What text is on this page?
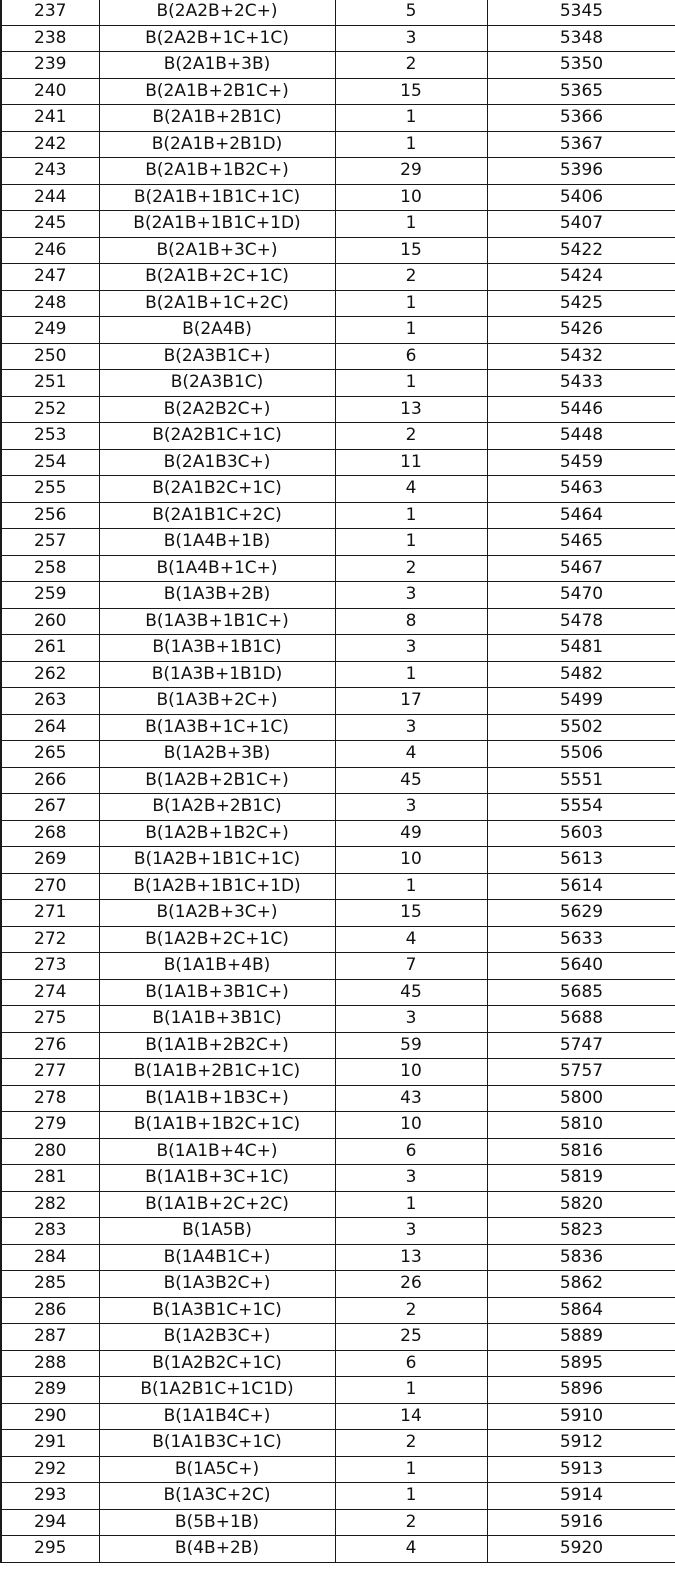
237	B(2A2B+2C+)	5	5345
238	B(2A2B+1C+1C)	3	5348
239	B(2A1B+3B)	2	5350
240	B(2A1B+2B1C+)	15	5365
241	B(2A1B+2B1C)	1	5366
242	B(2A1B+2B1D)	1	5367
243	B(2A1B+1B2C+)	29	5396
244	B(2A1B+1B1C+1C)	10	5406
245	B(2A1B+1B1C+1D)	1	5407
246	B(2A1B+3C+)	15	5422
247	B(2A1B+2C+1C)	2	5424
248	B(2A1B+1C+2C)	1	5425
249	B(2A4B)	1	5426
250	B(2A3B1C+)	6	5432
251	B(2A3B1C)	1	5433
252	B(2A2B2C+)	13	5446
253	B(2A2B1C+1C)	2	5448
254	B(2A1B3C+)	11	5459
255	B(2A1B2C+1C)	4	5463
256	B(2A1B1C+2C)	1	5464
257	B(1A4B+1B)	1	5465
258	B(1A4B+1C+)	2	5467
259	B(1A3B+2B)	3	5470
260	B(1A3B+1B1C+)	8	5478
261	B(1A3B+1B1C)	3	5481
262	B(1A3B+1B1D)	1	5482
263	B(1A3B+2C+)	17	5499
264	B(1A3B+1C+1C)	3	5502
265	B(1A2B+3B)	4	5506
266	B(1A2B+2B1C+)	45	5551
267	B(1A2B+2B1C)	3	5554
268	B(1A2B+1B2C+)	49	5603
269	B(1A2B+1B1C+1C)	10	5613
270	B(1A2B+1B1C+1D)	1	5614
271	B(1A2B+3C+)	15	5629
272	B(1A2B+2C+1C)	4	5633
273	B(1A1B+4B)	7	5640
274	B(1A1B+3B1C+)	45	5685
275	B(1A1B+3B1C)	3	5688
276	B(1A1B+2B2C+)	59	5747
277	B(1A1B+2B1C+1C)	10	5757
278	B(1A1B+1B3C+)	43	5800
279	B(1A1B+1B2C+1C)	10	5810
280	B(1A1B+4C+)	6	5816
281	B(1A1B+3C+1C)	3	5819
282	B(1A1B+2C+2C)	1	5820
283	B(1A5B)	3	5823
284	B(1A4B1C+)	13	5836
285	B(1A3B2C+)	26	5862
286	B(1A3B1C+1C)	2	5864
287	B(1A2B3C+)	25	5889
288	B(1A2B2C+1C)	6	5895
289	B(1A2B1C+1C1D)	1	5896
290	B(1A1B4C+)	14	5910
291	B(1A1B3C+1C)	2	5912
292	B(1A5C+)	1	5913
293	B(1A3C+2C)	1	5914
294	B(5B+1B)	2	5916
295	B(4B+2B)	4	5920
